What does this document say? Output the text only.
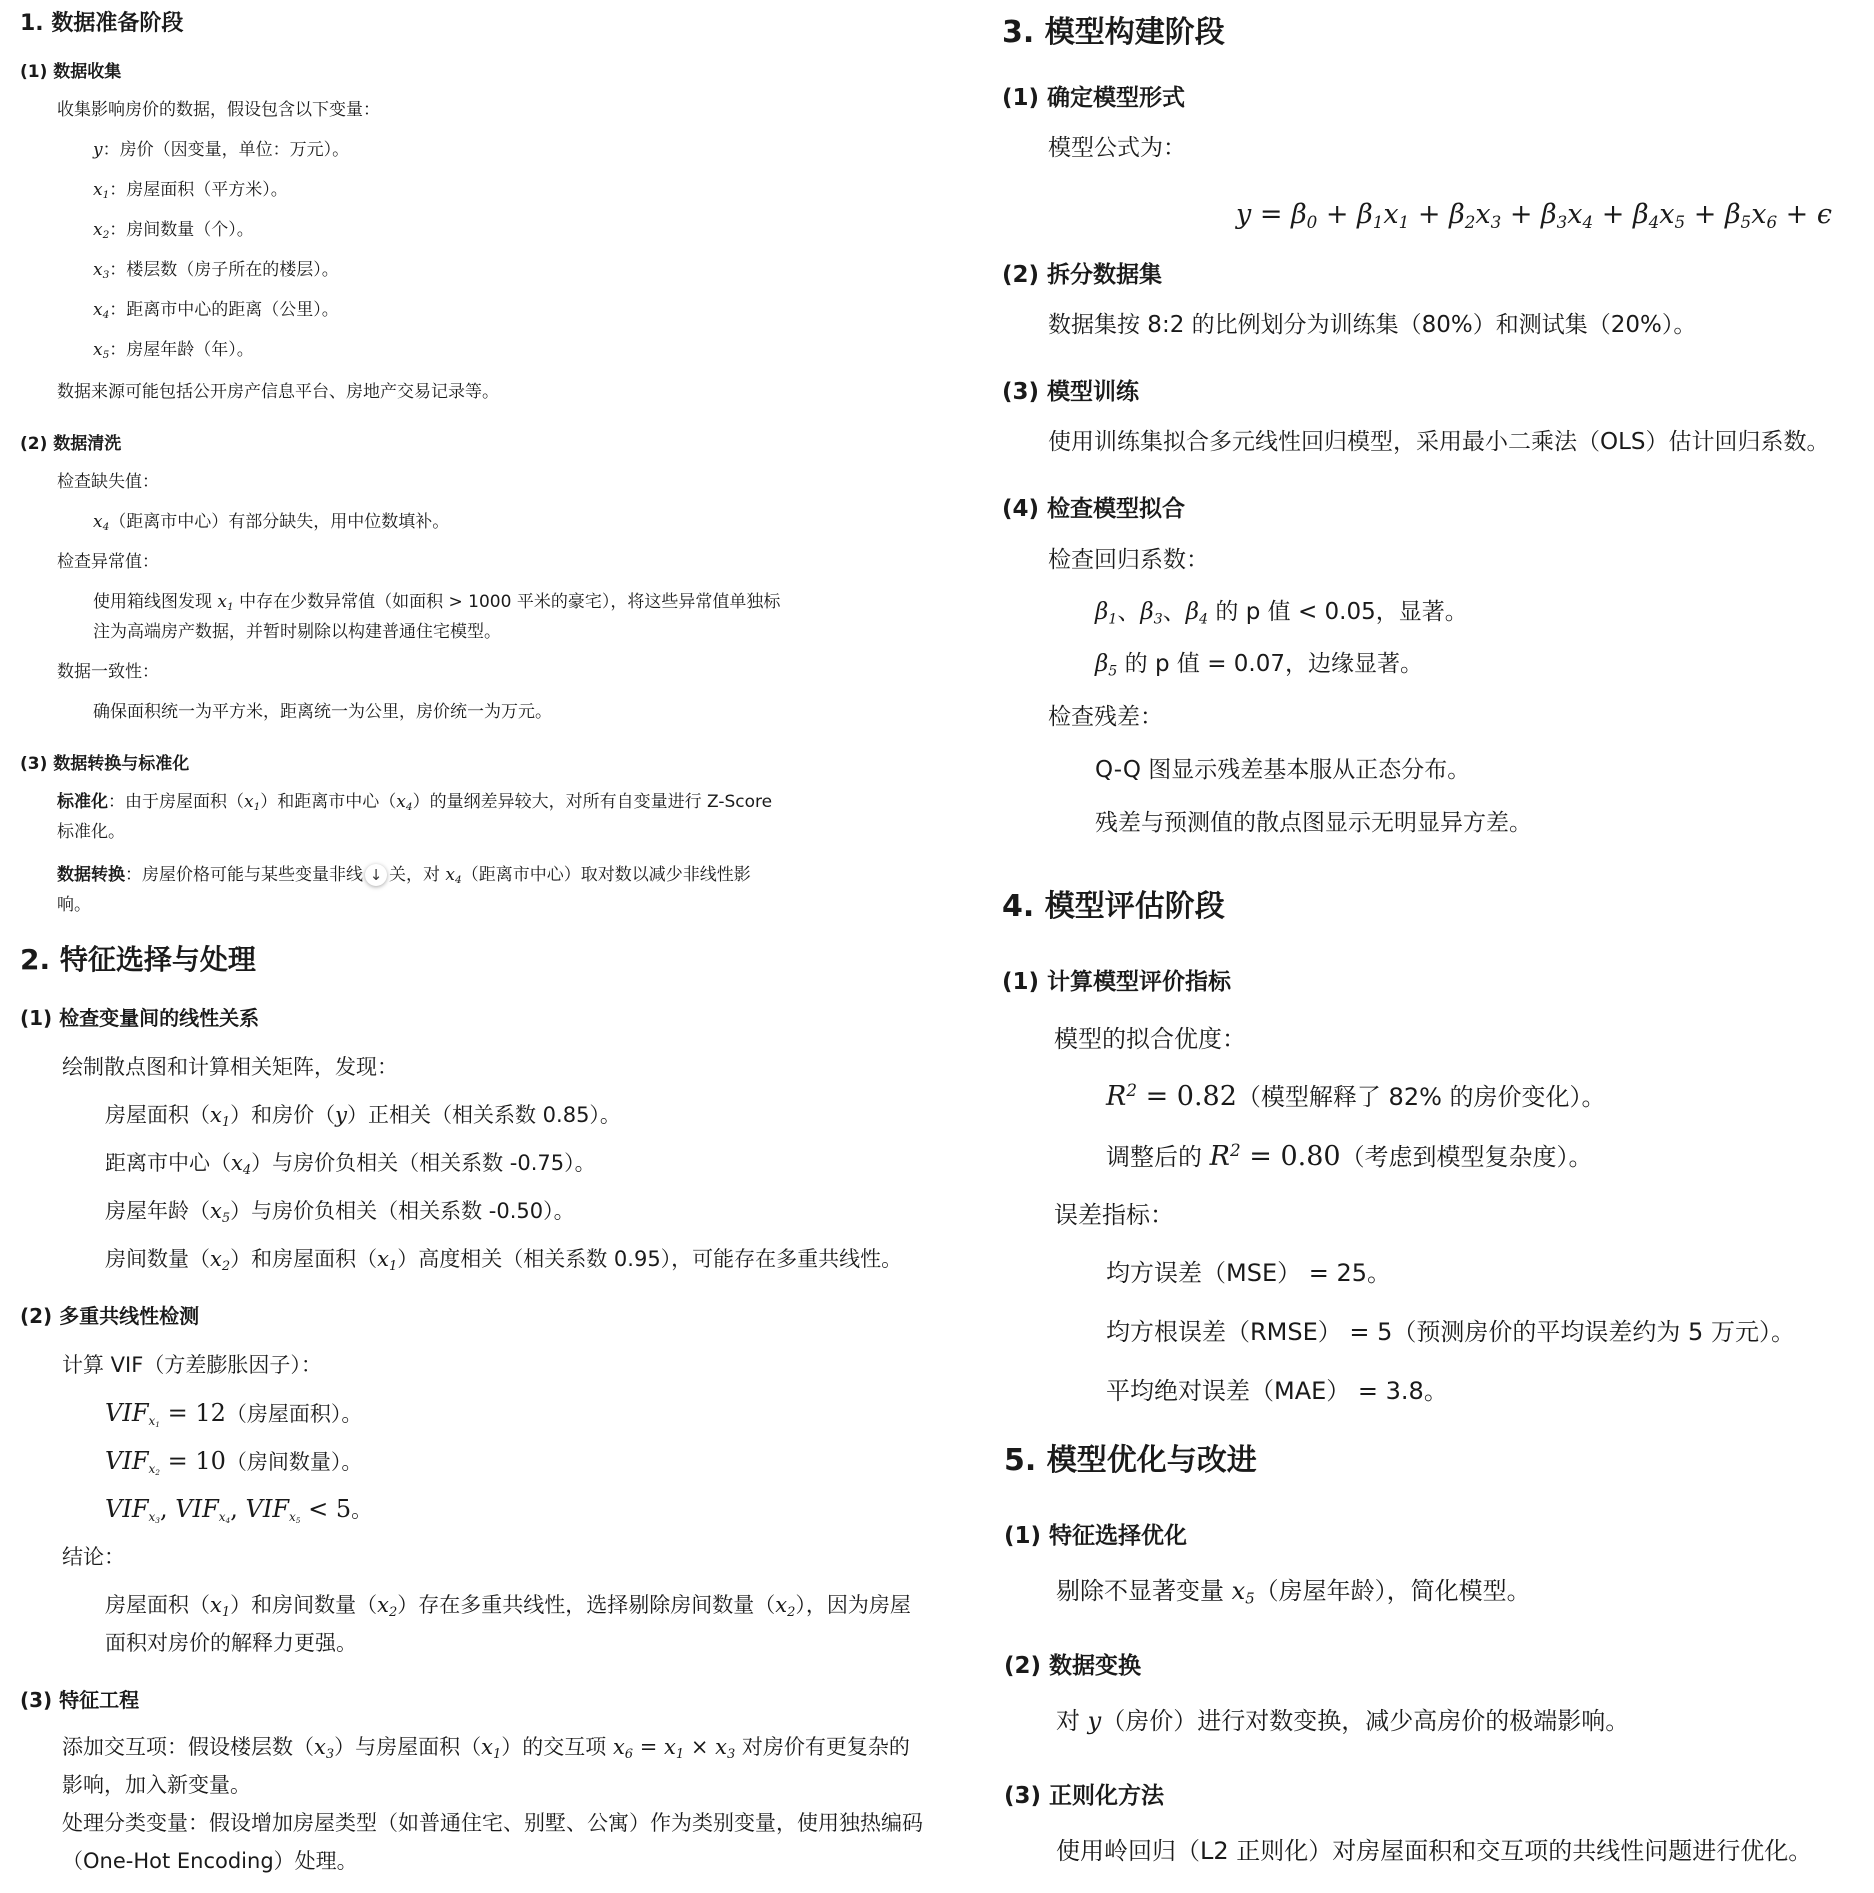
1. 数据准备阶段
(1) 数据收集
收集影响房价的数据，假设包含以下变量：
y：房价（因变量，单位：万元）。
$x_1$：房屋面积（平方米）。
$x_2$：房间数量（个）。
$x_3$：楼层数（房子所在的楼层）。
$x_4$：距离市中心的距离（公里）。
$x_5$：房屋年龄（年）。
数据来源可能包括公开房产信息平台、房地产交易记录等。
(2) 数据清洗
检查缺失值：
$x_4$（距离市中心）有部分缺失，用中位数填补。
检查异常值：
使用箱线图发现 $x_1$ 中存在少数异常值（如面积 > 1000 平米的豪宅），将这些异常值单独标
注为高端房产数据，并暂时剔除以构建普通住宅模型。
数据一致性：
确保面积统一为平方米，距离统一为公里，房价统一为万元。
(3) 数据转换与标准化
标准化：由于房屋面积$(x_1)$和距离市中心$(x_4)$的量纲差异较大，对所有自变量进行 Z-Score
标准化。
数据转换：房屋价格可能与某些变量非线 ↓ 关，对 $x_4$（距离市中心）取对数以减少非线性影
响。
2. 特征选择与处理
(1) 检查变量间的线性关系
绘制散点图和计算相关矩阵，发现：
房屋面积$(x_1)$和房价（y）正相关（相关系数 0.85）。
距离市中心$(x_4)$与房价负相关（相关系数 -0.75）。
房屋年龄$(x_5)$与房价负相关（相关系数 -0.50）。
房间数量$(x_2)$和房屋面积$(x_1)$高度相关（相关系数 0.95），可能存在多重共线性。
(2) 多重共线性检测
计算 VIF（方差膨胀因子）：
$VIF_{x_1} = 12$（房屋面积）。
$VIF_{x_2} = 10$（房间数量）。
$VIF_{x_3}$, $VIF_{x_4}$, $VIF_{x_5} < 5$。
结论：
房屋面积$(x_1)$和房间数量$(x_2)$存在多重共线性，选择剔除房间数量$(x_2)$，因为房屋
面积对房价的解释力更强。
(3) 特征工程
添加交互项：假设楼层数$(x_3)$与房屋面积$(x_1)$的交互项 $x_6 = x_1 \times x_3$ 对房价有更复杂的
影响，加入新变量。
处理分类变量：假设增加房屋类型（如普通住宅、别墅、公寓）作为类别变量，使用独热编码
（One-Hot Encoding）处理。
3. 模型构建阶段
(1) 确定模型形式
模型公式为：
$y = \beta_0 + \beta_1x_1 + \beta_2x_3 + \beta_3x_4 + \beta_4x_5 + \beta_5x_6 + \epsilon$
(2) 拆分数据集
数据集按 8:2 的比例划分为训练集（80%）和测试集（20%）。
(3) 模型训练
使用训练集拟合多元线性回归模型，采用最小二乘法（OLS）估计回归系数。
(4) 检查模型拟合
检查回归系数：
$\beta_1$、$\beta_3$、$\beta_4$ 的 p 值 < 0.05，显著。
$\beta_5$ 的 p 值 = 0.07，边缘显著。
检查残差：
Q-Q 图显示残差基本服从正态分布。
残差与预测值的散点图显示无明显异方差。
4. 模型评估阶段
(1) 计算模型评价指标
模型的拟合优度：
$R^2 = 0.82$（模型解释了 82% 的房价变化）。
调整后的 $R^2 = 0.80$（考虑到模型复杂度）。
误差指标：
均方误差（MSE） = 25。
均方根误差（RMSE） = 5（预测房价的平均误差约为 5 万元）。
平均绝对误差（MAE） = 3.8。
5. 模型优化与改进
(1) 特征选择优化
剔除不显著变量 $x_5$（房屋年龄），简化模型。
(2) 数据变换
对 y（房价）进行对数变换，减少高房价的极端影响。
(3) 正则化方法
使用岭回归（L2 正则化）对房屋面积和交互项的共线性问题进行优化。
